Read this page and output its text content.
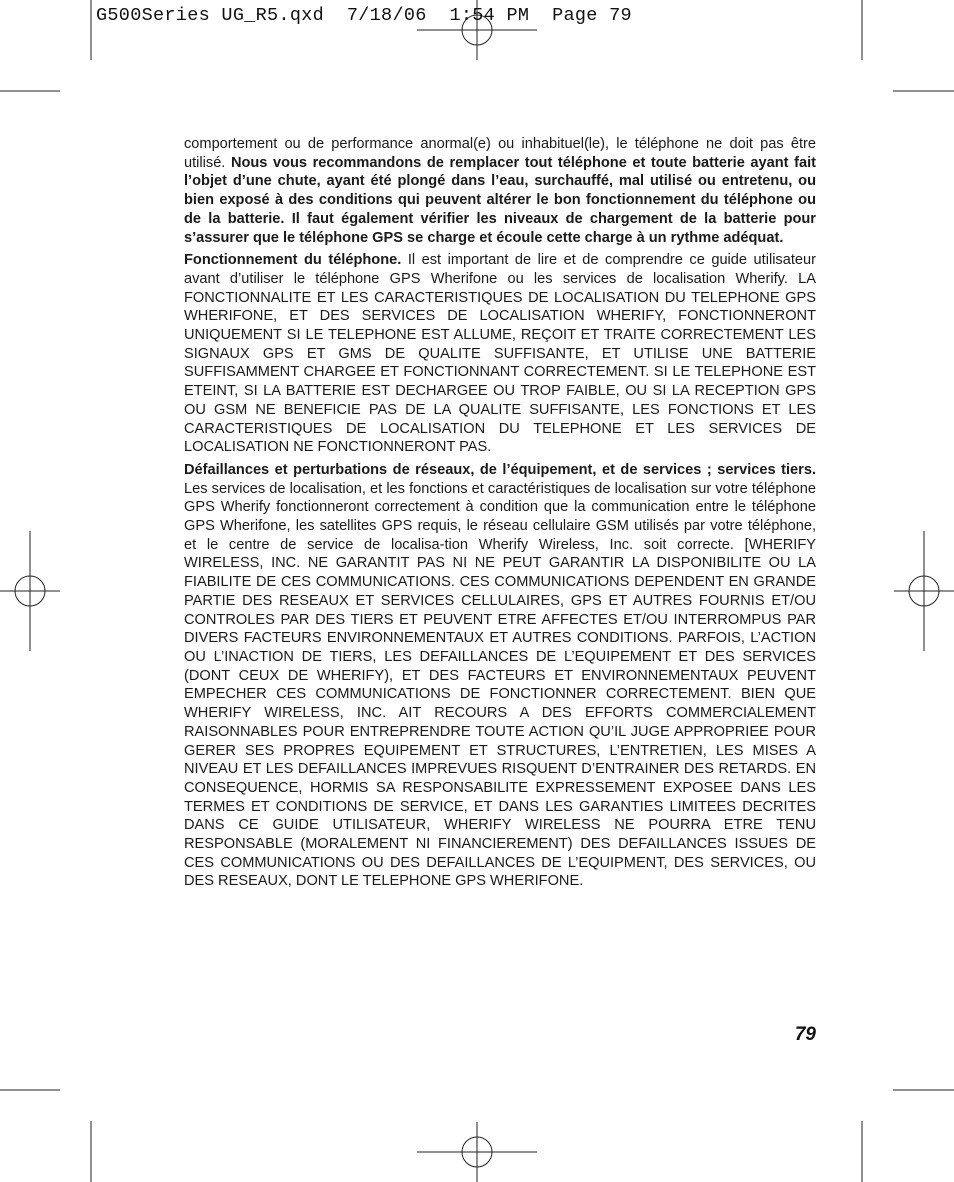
G500Series UG_R5.qxd  7/18/06  1:54 PM  Page 79

comportement ou de performance anormal(e) ou inhabituel(le), le téléphone ne doit pas être utilisé. Nous vous recommandons de remplacer tout téléphone et toute batterie ayant fait l’objet d’une chute, ayant été plongé dans l’eau, surchauffé, mal utilisé ou entretenu, ou bien exposé à des conditions qui peuvent altérer le bon fonctionnement du téléphone ou de la batterie. Il faut également vérifier les niveaux de chargement de la batterie pour s’assurer que le téléphone GPS se charge et écoule cette charge à un rythme adéquat.

Fonctionnement du téléphone. Il est important de lire et de comprendre ce guide utilisateur avant d’utiliser le téléphone GPS Wherifone ou les services de localisation Wherify. LA FONCTIONNALITE ET LES CARACTERISTIQUES DE LOCALISATION DU TELEPHONE GPS WHERIFONE, ET DES SERVICES DE LOCALISATION WHERIFY, FONCTIONNERONT UNIQUEMENT SI LE TELEPHONE EST ALLUME, REÇOIT ET TRAITE CORRECTEMENT LES SIGNAUX GPS ET GMS DE QUALITE SUFFISANTE, ET UTILISE UNE BATTERIE SUFFISAMMENT CHARGEE ET FONCTIONNANT CORRECTEMENT. SI LE TELEPHONE EST ETEINT, SI LA BATTERIE EST DECHARGEE OU TROP FAIBLE, OU SI LA RECEPTION GPS OU GSM NE BENEFICIE PAS DE LA QUALITE SUFFISANTE, LES FONCTIONS ET LES CARACTERISTIQUES DE LOCALISATION DU TELEPHONE ET LES SERVICES DE LOCALISATION NE FONCTIONNERONT PAS.

Défaillances et perturbations de réseaux, de l’équipement, et de services ; services tiers. Les services de localisation, et les fonctions et caractéristiques de localisation sur votre téléphone GPS Wherify fonctionneront correctement à condition que la communication entre le téléphone GPS Wherifone, les satellites GPS requis, le réseau cellulaire GSM utilisés par votre téléphone, et le centre de service de localisa-tion Wherify Wireless, Inc. soit correcte. [WHERIFY WIRELESS, INC. NE GARANTIT PAS NI NE PEUT GARANTIR LA DISPONIBILITE OU LA FIABILITE DE CES COMMUNICATIONS. CES COMMUNICATIONS DEPENDENT EN GRANDE PARTIE DES RESEAUX ET SERVICES CELLULAIRES, GPS ET AUTRES FOURNIS ET/OU CONTROLES PAR DES TIERS ET PEUVENT ETRE AFFECTES ET/OU INTERROMPUS PAR DIVERS FACTEURS ENVIRONNEMENTAUX ET AUTRES CONDITIONS. PARFOIS, L’ACTION OU L’INACTION DE TIERS, LES DEFAILLANCES DE L’EQUIPEMENT ET DES SERVICES (DONT CEUX DE WHERIFY), ET DES FACTEURS ET ENVIRONNEMENTAUX PEUVENT EMPECHER CES COMMUNICATIONS DE FONCTIONNER CORRECTEMENT. BIEN QUE WHERIFY WIRELESS, INC. AIT RECOURS A DES EFFORTS COMMERCIALEMENT RAISONNABLES POUR ENTREPRENDRE TOUTE ACTION QU’IL JUGE APPROPRIEE POUR GERER SES PROPRES EQUIPEMENT ET STRUCTURES, L’ENTRETIEN, LES MISES A NIVEAU ET LES DEFAILLANCES IMPREVUES RISQUENT D’ENTRAINER DES RETARDS. EN CONSEQUENCE, HORMIS SA RESPONSABILITE EXPRESSEMENT EXPOSEE DANS LES TERMES ET CONDITIONS DE SERVICE, ET DANS LES GARANTIES LIMITEES DECRITES DANS CE GUIDE UTILISATEUR, WHERIFY WIRELESS NE POURRA ETRE TENU RESPONSABLE (MORALEMENT NI FINANCIEREMENT) DES DEFAILLANCES ISSUES DE CES COMMUNICATIONS OU DES DEFAILLANCES DE L’EQUIPMENT, DES SERVICES, OU DES RESEAUX, DONT LE TELEPHONE GPS WHERIFONE.

79
